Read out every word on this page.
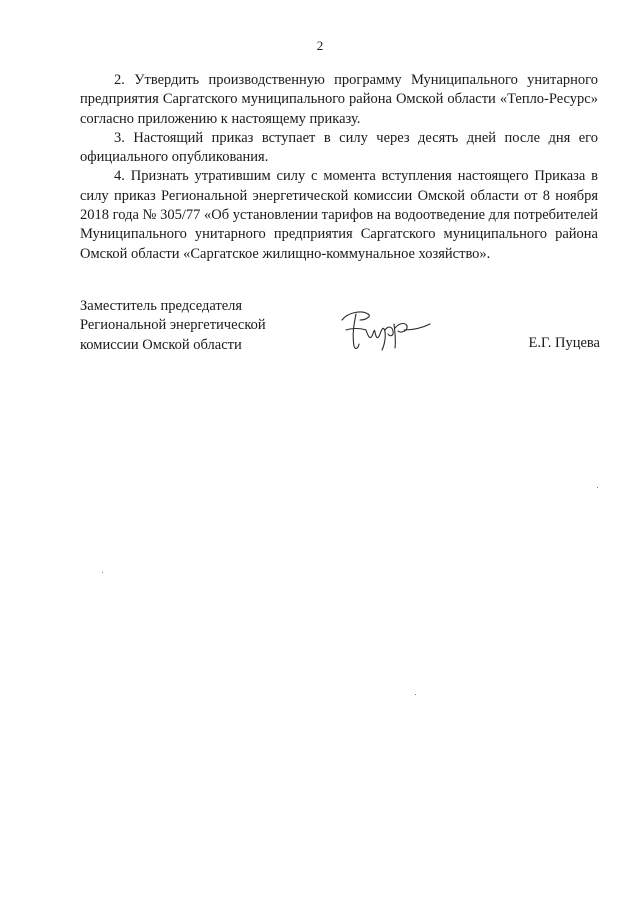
2

2. Утвердить производственную программу Муниципального унитарного предприятия Саргатского муниципального района Омской области «Тепло-Ресурс» согласно приложению к настоящему приказу.

3. Настоящий приказ вступает в силу через десять дней после дня его официального опубликования.

4. Признать утратившим силу с момента вступления настоящего Приказа в силу приказ Региональной энергетической комиссии Омской области от 8 ноября 2018 года № 305/77 «Об установлении тарифов на водоотведение для потребителей Муниципального унитарного предприятия Саргатского муниципального района Омской области «Саргатское жилищно-коммунальное хозяйство».

Заместитель председателя
Региональной энергетической
комиссии Омской области	Е.Г. Пуцева
